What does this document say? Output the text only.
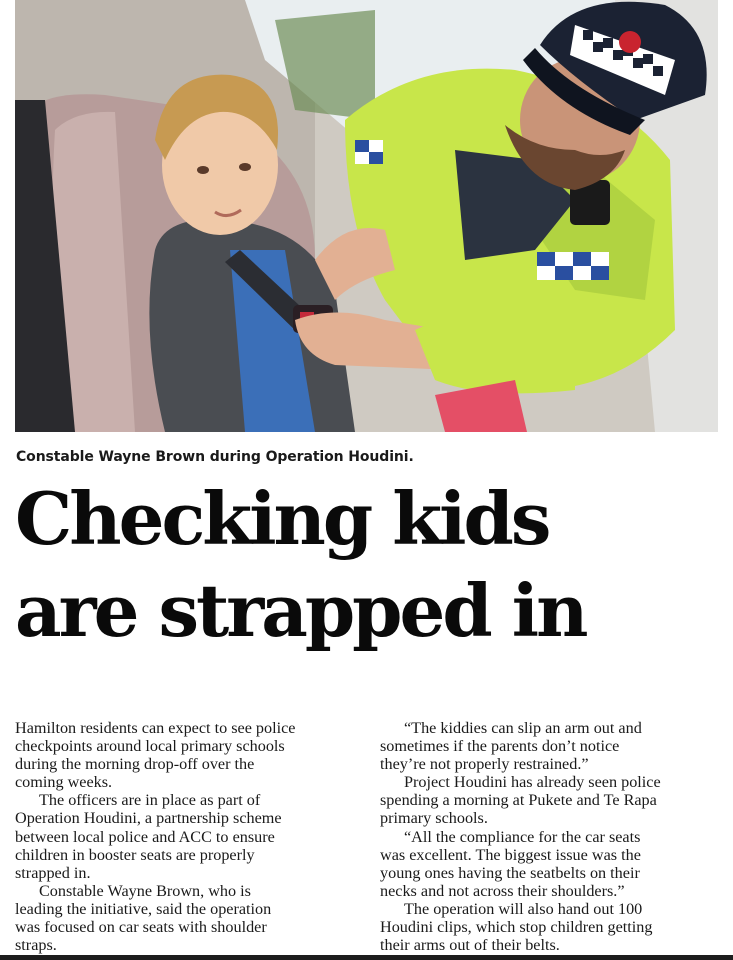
Constable Wayne Brown during Operation Houdini.
Checking kids
are strapped in

Hamilton residents can expect to see police

checkpoints around local primary schools

during the morning drop-off over the

coming weeks.

The officers are in place as part of

Operation Houdini, a partnership scheme

between local police and ACC to ensure

children in booster seats are properly

strapped in.

Constable Wayne Brown, who is

leading the initiative, said the operation

was focused on car seats with shoulder

straps.

“The kiddies can slip an arm out and

sometimes if the parents don’t notice

they’re not properly restrained.”

Project Houdini has already seen police

spending a morning at Pukete and Te Rapa

primary schools.

“All the compliance for the car seats

was excellent. The biggest issue was the

young ones having the seatbelts on their

necks and not across their shoulders.”

The operation will also hand out 100

Houdini clips, which stop children getting

their arms out of their belts.
